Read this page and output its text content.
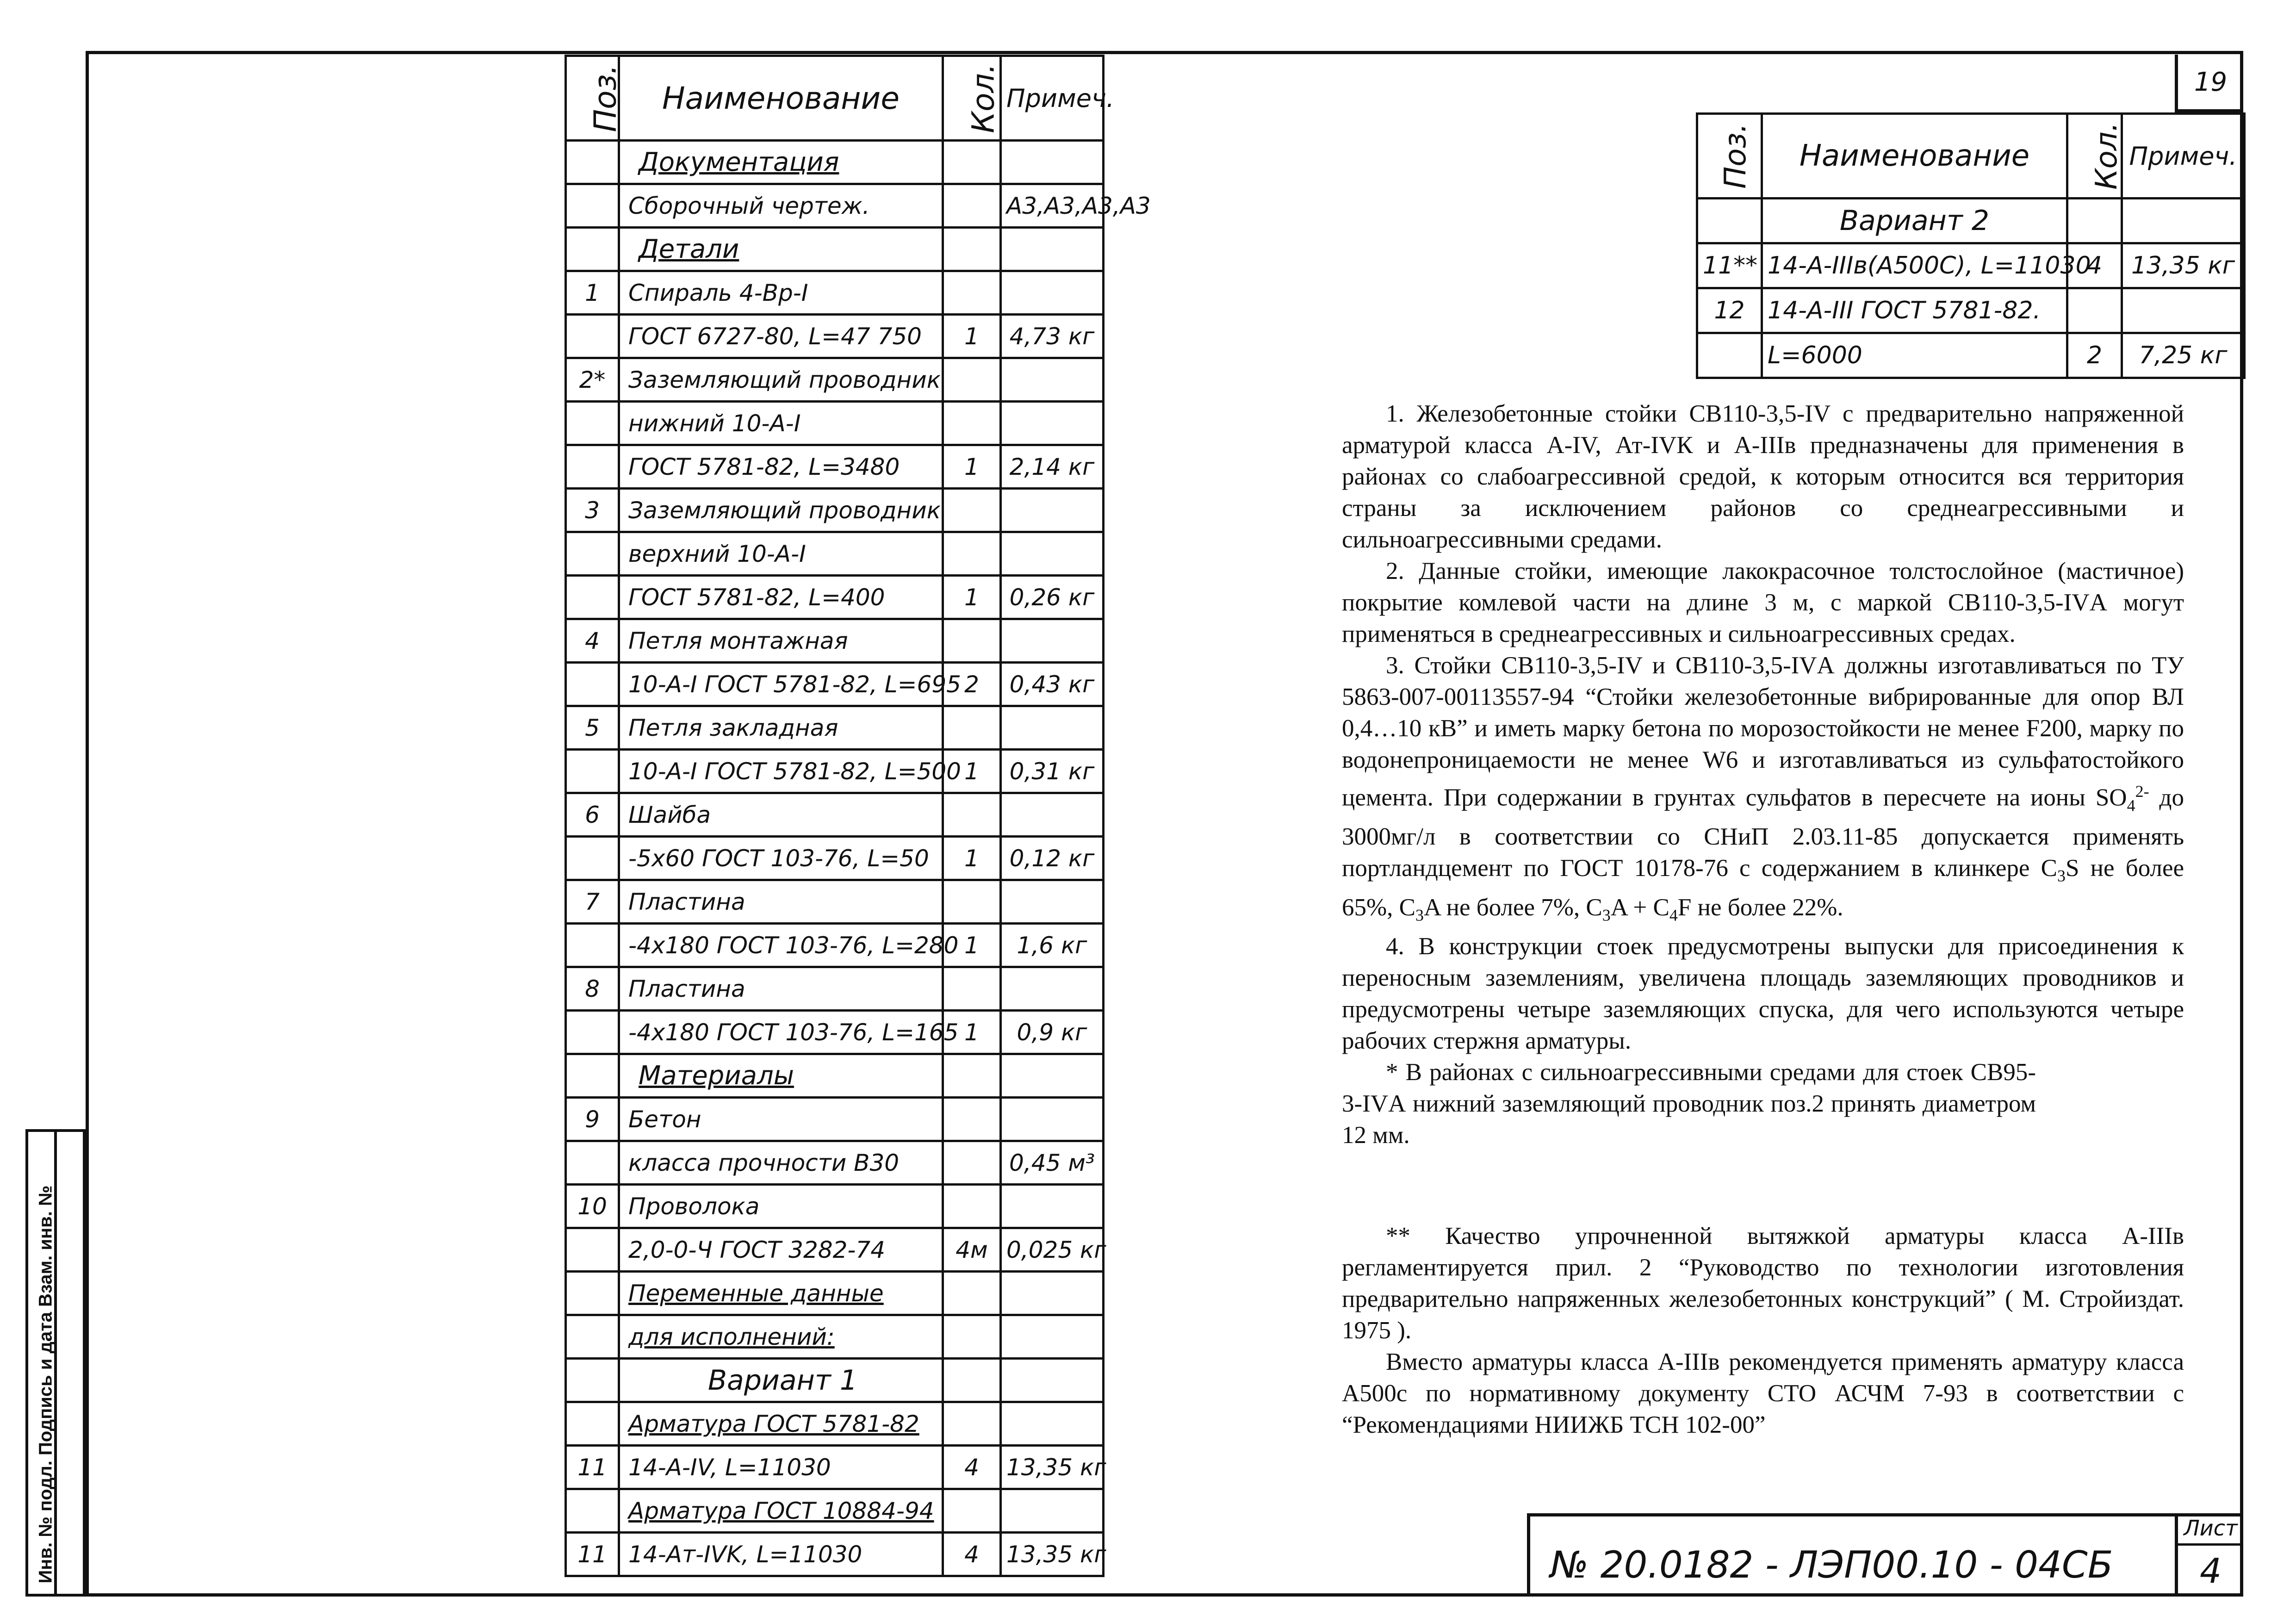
19
Поз.	Наименование	Кол.	Примеч.
	Документация		
	Сборочный чертеж.		А3,А3,А3,А3
	Детали		
1	Спираль 4-Вр-I		
	ГОСТ 6727-80, L=47 750	1	4,73 кг
2*	Заземляющий проводник		
	нижний 10-А-I		
	ГОСТ 5781-82, L=3480	1	2,14 кг
3	Заземляющий проводник		
	верхний 10-А-I		
	ГОСТ 5781-82, L=400	1	0,26 кг
4	Петля монтажная		
	10-А-I ГОСТ 5781-82, L=695	2	0,43 кг
5	Петля закладная		
	10-А-I ГОСТ 5781-82, L=500	1	0,31 кг
6	Шайба		
	-5x60 ГОСТ 103-76, L=50	1	0,12 кг
7	Пластина		
	-4x180 ГОСТ 103-76, L=280	1	1,6 кг
8	Пластина		
	-4x180 ГОСТ 103-76, L=165	1	0,9 кг
	Материалы		
9	Бетон		
	класса прочности В30		0,45 м³
10	Проволока		
	2,0-0-Ч ГОСТ 3282-74	4м	0,025 кг
	Переменные данные		
	для исполнений:		
	Вариант 1		
	Арматура ГОСТ 5781-82		
11	14-А-IV, L=11030	4	13,35 кг
	Арматура ГОСТ 10884-94		
11	14-Ат-IVK, L=11030	4	13,35 кг
Поз.	Наименование	Кол.	Примеч.
	Вариант 2		
11**	14-А-IIIв(А500С), L=11030	4	13,35 кг
12	14-А-III ГОСТ 5781-82.		
	L=6000	2	7,25 кг

1. Железобетонные стойки СВ110-3,5-IV с предварительно напряженной арматурой класса А-IV, Ат-IVК и А-IIIв предназначены для применения в районах со слабоагрессивной средой, к которым относится вся территория страны за исключением районов со среднеагрессивными и сильноагрессивными средами.

2. Данные стойки, имеющие лакокрасочное толстослойное (мастичное) покрытие комлевой части на длине 3 м, с маркой СВ110-3,5-IVА могут применяться в среднеагрессивных и сильноагрессивных средах.

3. Стойки СВ110-3,5-IV и СВ110-3,5-IVА должны изготавливаться по ТУ 5863-007-00113557-94 “Стойки железобетонные вибрированные для опор ВЛ 0,4…10 кВ” и иметь марку бетона по морозостойкости не менее F200, марку по водонепроницаемости не менее W6 и изготавливаться из сульфатостойкого цемента. При содержании в грунтах сульфатов в пересчете на ионы $SO_4^{2-}$ до 3000мг/л в соответствии со СНиП 2.03.11-85 допускается применять портландцемент по ГОСТ 10178-76 с содержанием в клинкере $C_3S$ не более 65%, $C_3A$ не более 7%, $C_3A + C_4F$ не более 22%.

4. В конструкции стоек предусмотрены выпуски для присоединения к переносным заземлениям, увеличена площадь заземляющих проводников и предусмотрены четыре заземляющих спуска, для чего используются четыре рабочих стержня арматуры.

* В районах с сильноагрессивными средами для стоек СВ95-3-IVА нижний заземляющий проводник поз.2 принять диаметром 12 мм.

** Качество упрочненной вытяжкой арматуры класса А-IIIв регламентируется прил. 2 “Руководство по технологии изготовления предварительно напряженных железобетонных конструкций” ( М. Стройиздат. 1975 ).

Вместо арматуры класса А-IIIв рекомендуется применять арматуру класса А500с по нормативному документу СТО АСЧМ 7-93 в соответствии с “Рекомендациями НИИЖБ ТСН 102-00”

№ 20.0182 - ЛЭП00.10 - 04СБ
Лист
4
Инв. № подл. Подпись и дата Взам. инв. №
